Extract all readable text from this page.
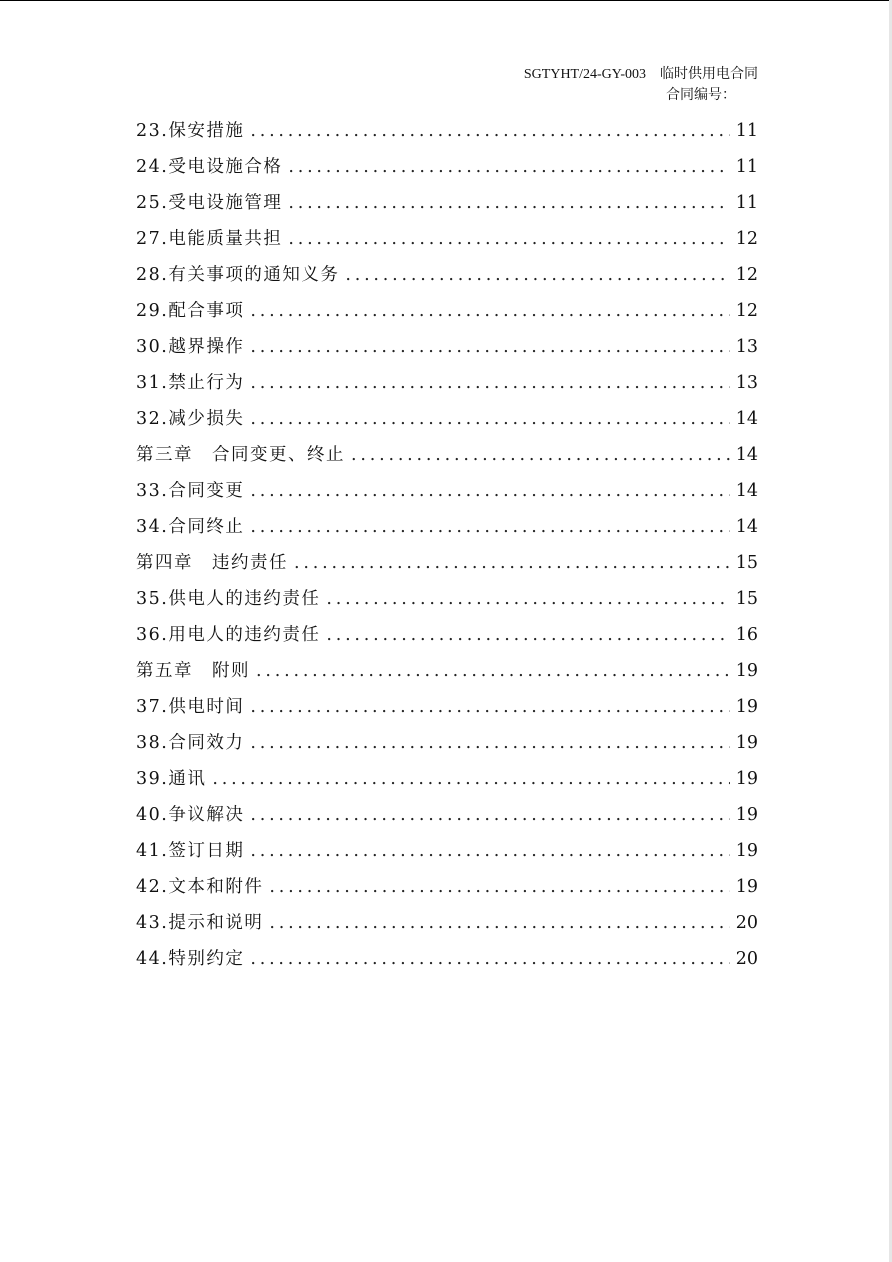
SGTYHT/24-GY-003 临时供用电合同
合同编号：
23.保安措施 .....	11
24.受电设施合格 .....	11
25.受电设施管理 .....	11
27.电能质量共担 .....	12
28.有关事项的通知义务 .....	12
29.配合事项 .....	12
30.越界操作 .....	13
31.禁止行为 .....	13
32.减少损失 .....	14
第三章　合同变更、终止 .....	14
33.合同变更 .....	14
34.合同终止 .....	14
第四章　违约责任 .....	15
35.供电人的违约责任 .....	15
36.用电人的违约责任 .....	16
第五章　附则 .....	19
37.供电时间 .....	19
38.合同效力 .....	19
39.通讯 .....	19
40.争议解决 .....	19
41.签订日期 .....	19
42.文本和附件 .....	19
43.提示和说明 .....	20
44.特别约定 .....	20
